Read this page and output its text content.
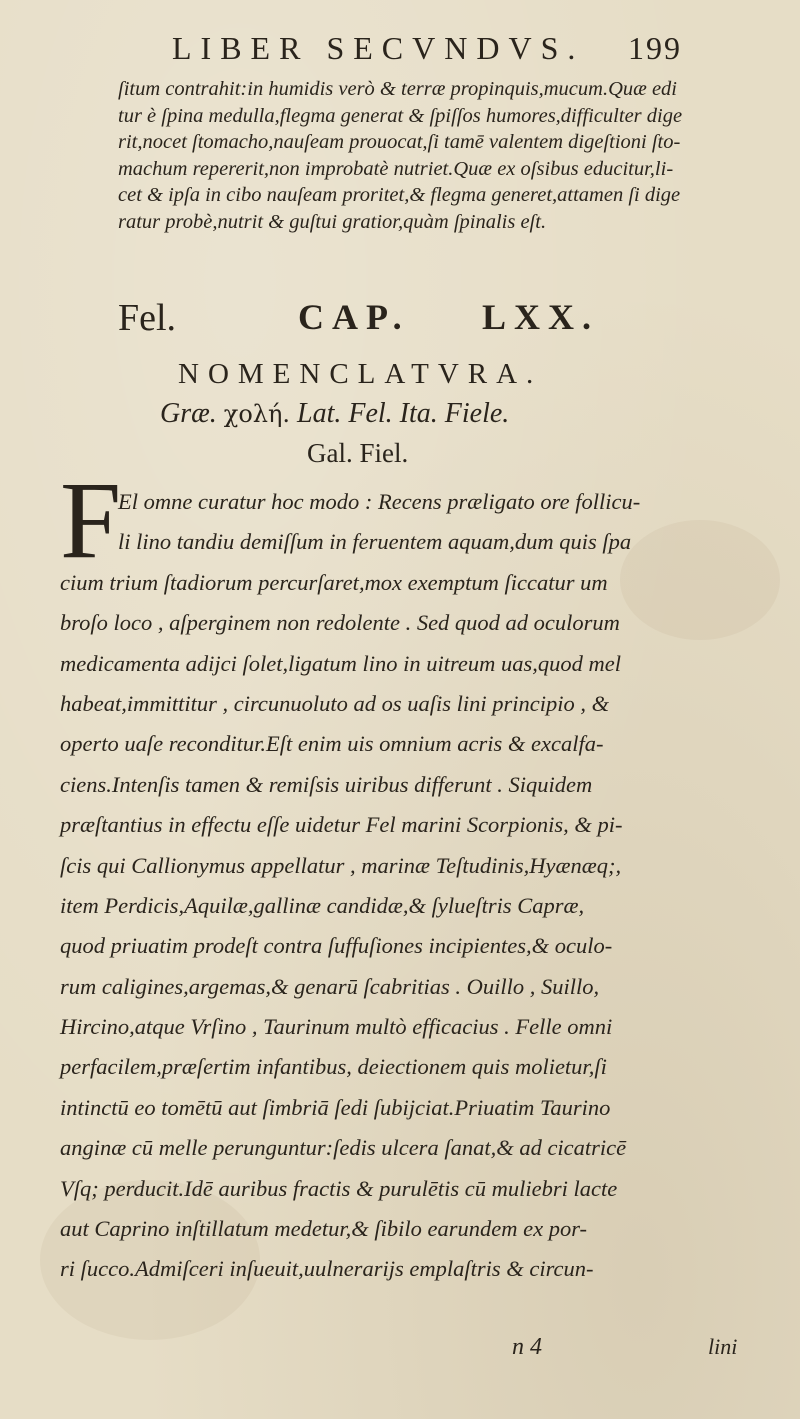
LIBER SECVNDVS. 199
ſitum contrahit:in humidis verò & terræ propinquis,mucum.Quæ edi
tur è ſpina medulla,flegma generat & ſpiſſos humores,difficulter dige
rit,nocet ſtomacho,nauſeam prouocat,ſi tamē valentem digeſtioni ſto-
machum repererit,non improbatè nutriet.Quæ ex oſsibus educitur,li-
cet & ipſa in cibo nauſeam proritet,& flegma generet,attamen ſi dige
ratur probè,nutrit & guſtui gratior,quàm ſpinalis eſt.
Fel.	CAP. LXX.
NOMENCLATVRA.
Græ. χολή. Lat. Fel. Ita. Fiele.
Gal. Fiel.
F
El omne curatur hoc modo : Recens præligato ore follicu-
li lino tandiu demiſſum in feruentem aquam,dum quis ſpa
cium trium ſtadiorum percurſaret,mox exemptum ſiccatur um
broſo loco , aſperginem non redolente . Sed quod ad oculorum
medicamenta adijci ſolet,ligatum lino in uitreum uas,quod mel
habeat,immittitur , circunuoluto ad os uaſis lini principio , &
operto uaſe reconditur.Eſt enim uis omnium acris & excalfa-
ciens.Intenſis tamen & remiſsis uiribus differunt . Siquidem
præſtantius in effectu eſſe uidetur Fel marini Scorpionis, & pi-
ſcis qui Callionymus appellatur , marinæ Teſtudinis,Hyænæq;,
item Perdicis,Aquilæ,gallinæ candidæ,& ſylueſtris Capræ,
quod priuatim prodeſt contra ſuffuſiones incipientes,& oculo-
rum caligines,argemas,& genarū ſcabritias . Ouillo , Suillo,
Hircino,atque Vrſino , Taurinum multò efficacius . Felle omni
perfacilem,præſertim infantibus, deiectionem quis molietur,ſi
intinctū eo tomētū aut ſimbriā ſedi ſubijciat.Priuatim Taurino
anginæ cū melle perunguntur:ſedis ulcera ſanat,& ad cicatricē
Vſq; perducit.Idē auribus fractis & purulētis cū muliebri lacte
aut Caprino inſtillatum medetur,& ſibilo earundem ex por-
ri ſucco.Admiſceri inſueuit,uulnerarijs emplaſtris & circun-
n 4	lini
